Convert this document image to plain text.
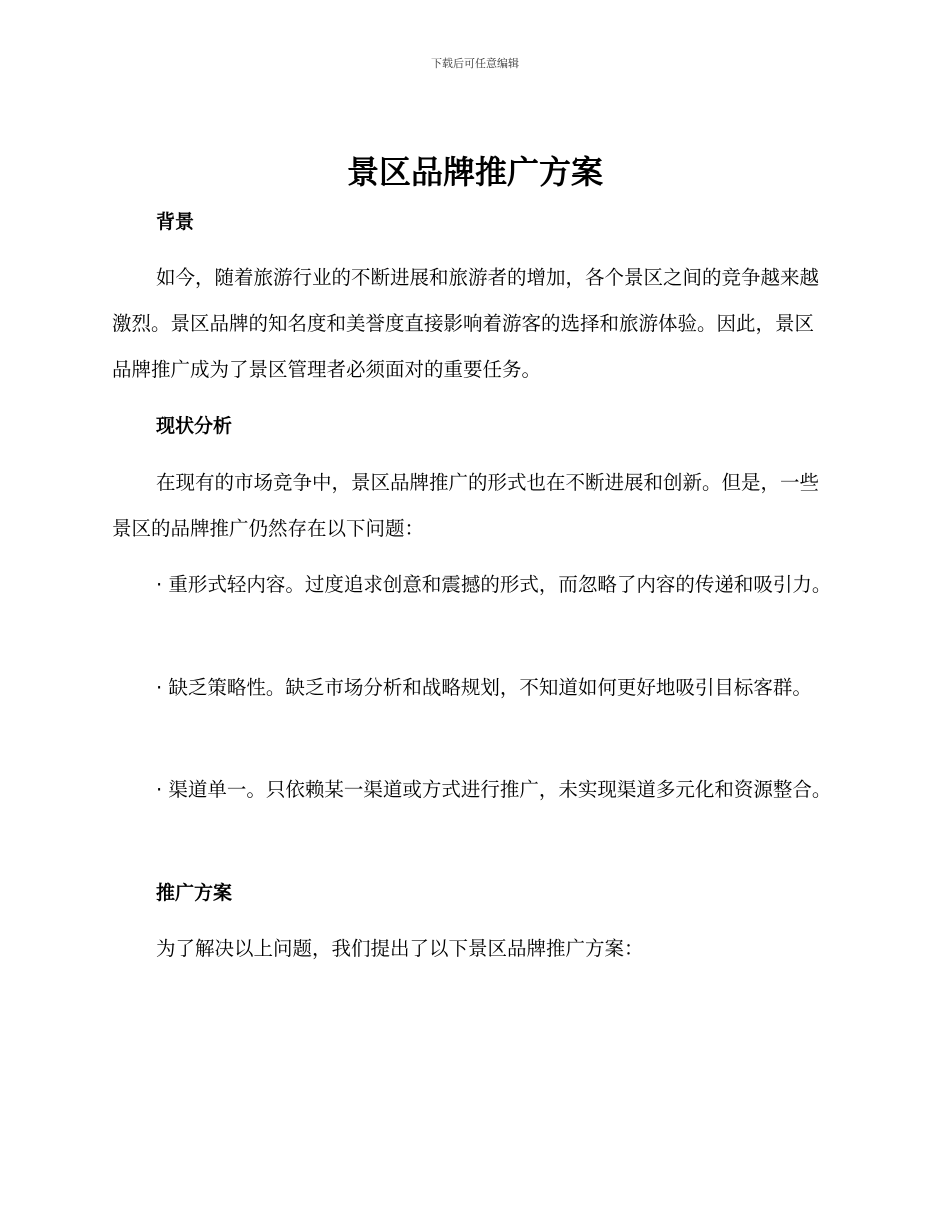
下载后可任意编辑
景区品牌推广方案
背景

如今，随着旅游行业的不断进展和旅游者的增加，各个景区之间的竞争越来越激烈。景区品牌的知名度和美誉度直接影响着游客的选择和旅游体验。因此，景区品牌推广成为了景区管理者必须面对的重要任务。

现状分析

在现有的市场竞争中，景区品牌推广的形式也在不断进展和创新。但是，一些景区的品牌推广仍然存在以下问题：

· 重形式轻内容。过度追求创意和震撼的形式，而忽略了内容的传递和吸引力。

· 缺乏策略性。缺乏市场分析和战略规划，不知道如何更好地吸引目标客群。

· 渠道单一。只依赖某一渠道或方式进行推广，未实现渠道多元化和资源整合。

推广方案

为了解决以上问题，我们提出了以下景区品牌推广方案：
